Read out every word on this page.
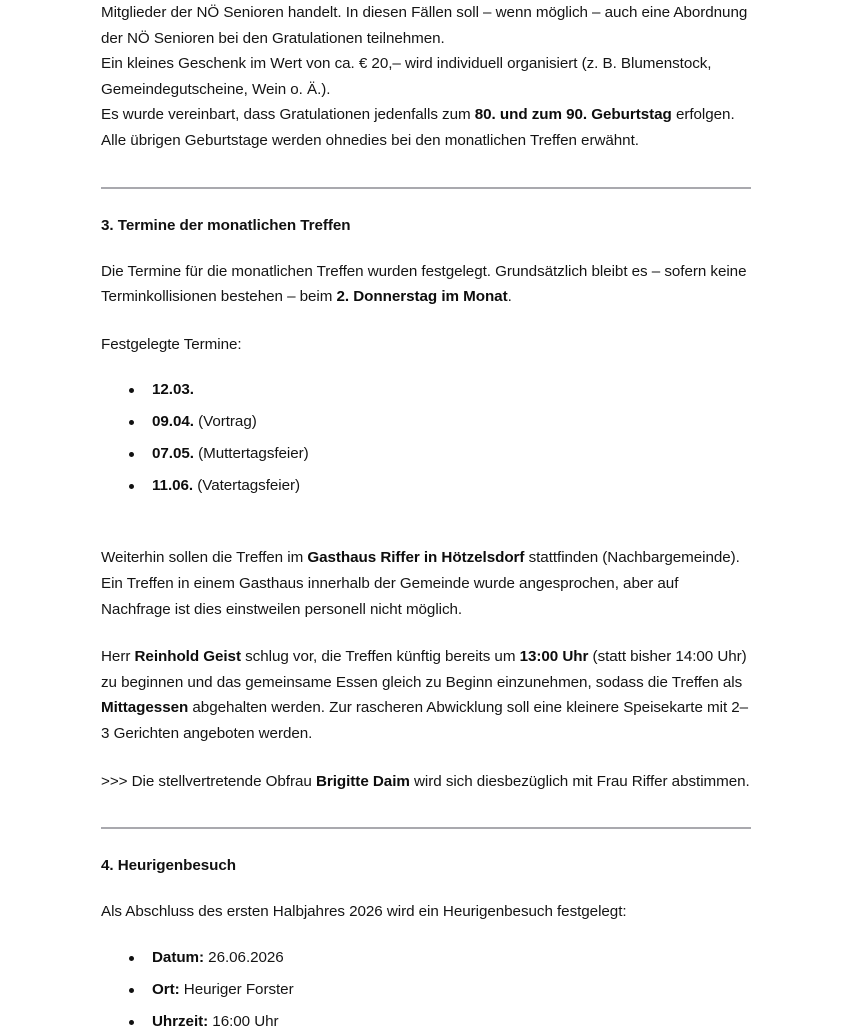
Mitglieder der NÖ Senioren handelt. In diesen Fällen soll – wenn möglich – auch eine Abordnung der NÖ Senioren bei den Gratulationen teilnehmen.

Ein kleines Geschenk im Wert von ca. € 20,– wird individuell organisiert (z. B. Blumenstock, Gemeindegutscheine, Wein o. Ä.).

Es wurde vereinbart, dass Gratulationen jedenfalls zum 80. und zum 90. Geburtstag erfolgen.

Alle übrigen Geburtstage werden ohnedies bei den monatlichen Treffen erwähnt.

3. Termine der monatlichen Treffen

Die Termine für die monatlichen Treffen wurden festgelegt. Grundsätzlich bleibt es – sofern keine Terminkollisionen bestehen – beim 2. Donnerstag im Monat.

Festgelegte Termine:

12.03.
09.04. (Vortrag)
07.05. (Muttertagsfeier)
11.06. (Vatertagsfeier)

Weiterhin sollen die Treffen im Gasthaus Riffer in Hötzelsdorf stattfinden (Nachbargemeinde). Ein Treffen in einem Gasthaus innerhalb der Gemeinde wurde angesprochen, aber auf Nachfrage ist dies einstweilen personell nicht möglich.

Herr Reinhold Geist schlug vor, die Treffen künftig bereits um 13:00 Uhr (statt bisher 14:00 Uhr) zu beginnen und das gemeinsame Essen gleich zu Beginn einzunehmen, sodass die Treffen als Mittagessen abgehalten werden. Zur rascheren Abwicklung soll eine kleinere Speisekarte mit 2–3 Gerichten angeboten werden.

>>> Die stellvertretende Obfrau Brigitte Daim wird sich diesbezüglich mit Frau Riffer abstimmen.

4. Heurigenbesuch

Als Abschluss des ersten Halbjahres 2026 wird ein Heurigenbesuch festgelegt:

Datum: 26.06.2026
Ort: Heuriger Forster
Uhrzeit: 16:00 Uhr
